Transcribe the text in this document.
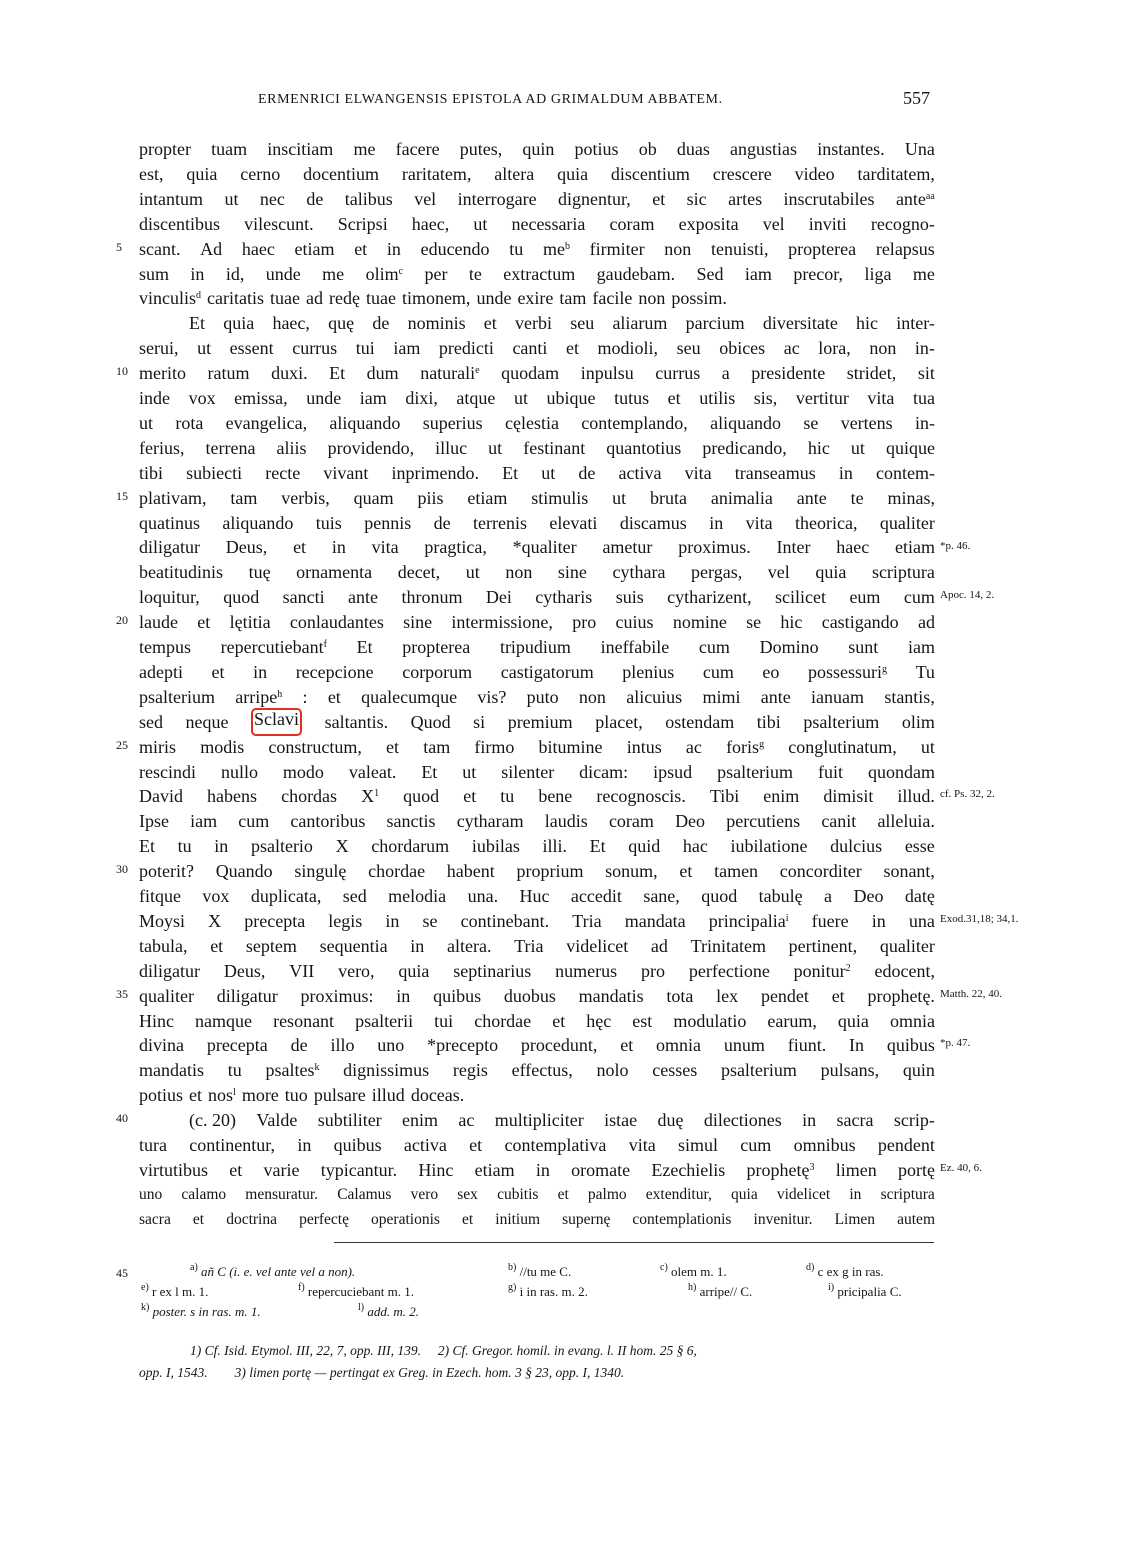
ERMENRICI ELWANGENSIS EPISTOLA AD GRIMALDUM ABBATEM.	557
propter tuam inscitiam me facere putes, quin potius ob duas angustias instantes. Una
est, quia cerno docentium raritatem, altera quia discentium crescere video tarditatem,
intantum ut nec de talibus vel interrogare dignentur, et sic artes inscrutabiles ante$^{aa}$
discentibus vilescunt. Scripsi haec, ut necessaria coram exposita vel inviti recogno-
scant. Ad haec etiam et in educendo tu $me^b$ firmiter non tenuisti, propterea relapsus
sum in id, unde me olim$^c$ per te extractum gaudebam. Sed iam precor, liga me
vinculis$^d$ caritatis tuae ad redę tuae timonem, unde exire tam facile non possim.
Et quia haec, quę de nominis et verbi seu aliarum parcium diversitate hic inter-
serui, ut essent currus tui iam predicti canti et modioli, seu obices ac lora, non in-
merito ratum duxi. Et dum naturali$^e$ quodam inpulsu currus a presidente stridet, sit
inde vox emissa, unde iam dixi, atque ut ubique tutus et utilis sis, vertitur vita tua
ut rota evangelica, aliquando superius cęlestia contemplando, aliquando se vertens in-
ferius, terrena aliis providendo, illuc ut festinant quantotius predicando, hic ut quique
tibi subiecti recte vivant inprimendo. Et ut de activa vita transeamus in contem-
plativam, tam verbis, quam piis etiam stimulis ut bruta animalia ante te minas,
quatinus aliquando tuis pennis de terrenis elevati discamus in vita theorica, qualiter
diligatur Deus, et in vita pragtica, *qualiter ametur proximus. Inter haec etiam
beatitudinis tuę ornamenta decet, ut non sine cythara pergas, vel quia scriptura
loquitur, quod sancti ante thronum Dei cytharis suis cytharizent, scilicet eum cum
laude et lętitia conlaudantes sine intermissione, pro cuius nomine se hic castigando ad
tempus repercutiebant$^f$ Et propterea tripudium ineffabile cum Domino sunt iam
adepti et in recepcione corporum castigatorum plenius cum eo possessuri$^g$ Tu
psalterium arripe$^h$ : et qualecumque vis? puto non alicuius mimi ante ianuam stantis,
sed neque Sclavi saltantis. Quod si premium placet, ostendam tibi psalterium olim
miris modis constructum, et tam firmo bitumine intus ac foris$^g$ conglutinatum, ut
rescindi nullo modo valeat. Et ut silenter dicam: ipsud psalterium fuit quondam
David habens chordas $X^1$ quod et tu bene recognoscis. Tibi enim dimisit illud.
Ipse iam cum cantoribus sanctis cytharam laudis coram Deo percutiens canit alleluia.
Et tu in psalterio X chordarum iubilas illi. Et quid hac iubilatione dulcius esse
poterit? Quando singulę chordae habent proprium sonum, et tamen concorditer sonant,
fitque vox duplicata, sed melodia una. Huc accedit sane, quod tabulę a Deo datę
Moysi X precepta legis in se continebant. Tria mandata principalia$^i$ fuere in una
tabula, et septem sequentia in altera. Tria videlicet ad Trinitatem pertinent, qualiter
diligatur Deus, VII vero, quia septinarius numerus pro perfectione ponitur$^2$ edocent,
qualiter diligatur proximus: in quibus duobus mandatis tota lex pendet et prophetę.
Hinc namque resonant psalterii tui chordae et hęc est modulatio earum, quia omnia
divina precepta de illo uno *precepto procedunt, et omnia unum fiunt. In quibus
mandatis tu psaltes$^k$ dignissimus regis effectus, nolo cesses psalterium pulsans, quin
potius et nos$^l$ more tuo pulsare illud doceas.
(c. 20) Valde subtiliter enim ac multipliciter istae duę dilectiones in sacra scrip-
tura continentur, in quibus activa et contemplativa vita simul cum omnibus pendent
virtutibus et varie typicantur. Hinc etiam in oromate Ezechielis prophetę$^3$ limen portę
uno calamo mensuratur. Calamus vero sex cubitis et palmo extenditur, quia videlicet in scriptura
sacra et doctrina perfectę operationis et initium supernę contemplationis invenitur. Limen autem
5
10
15
20
25
30
35
40
45
*p. 46.
Apoc. 14, 2.
cf. Ps. 32, 2.
Exod.31,18; 34,1.
Matth. 22, 40.
*p. 47.
Ez. 40, 6.
$^{a)}$ añ C (i. e. vel ante vel a non).	$^{b)}$ //tu me C.	$^{c)}$ olem m. 1.	$^{d)}$ c ex g in ras.
$^{e)}$ r ex l m. 1.	$^{f)}$ repercuciebant m. 1.	$^{g)}$ i in ras. m. 2.	$^{h)}$ arripe// C.	$^{i)}$ pricipalia C.
$^{k)}$ poster. s in ras. m. 1.	$^{l)}$ add. m. 2.
1) Cf. Isid. Etymol. III, 22, 7, opp. III, 139. 2) Cf. Gregor. homil. in evang. l. II hom. 25 § 6,
opp. I, 1543. 3) limen portę — pertingat ex Greg. in Ezech. hom. 3 § 23, opp. I, 1340.
